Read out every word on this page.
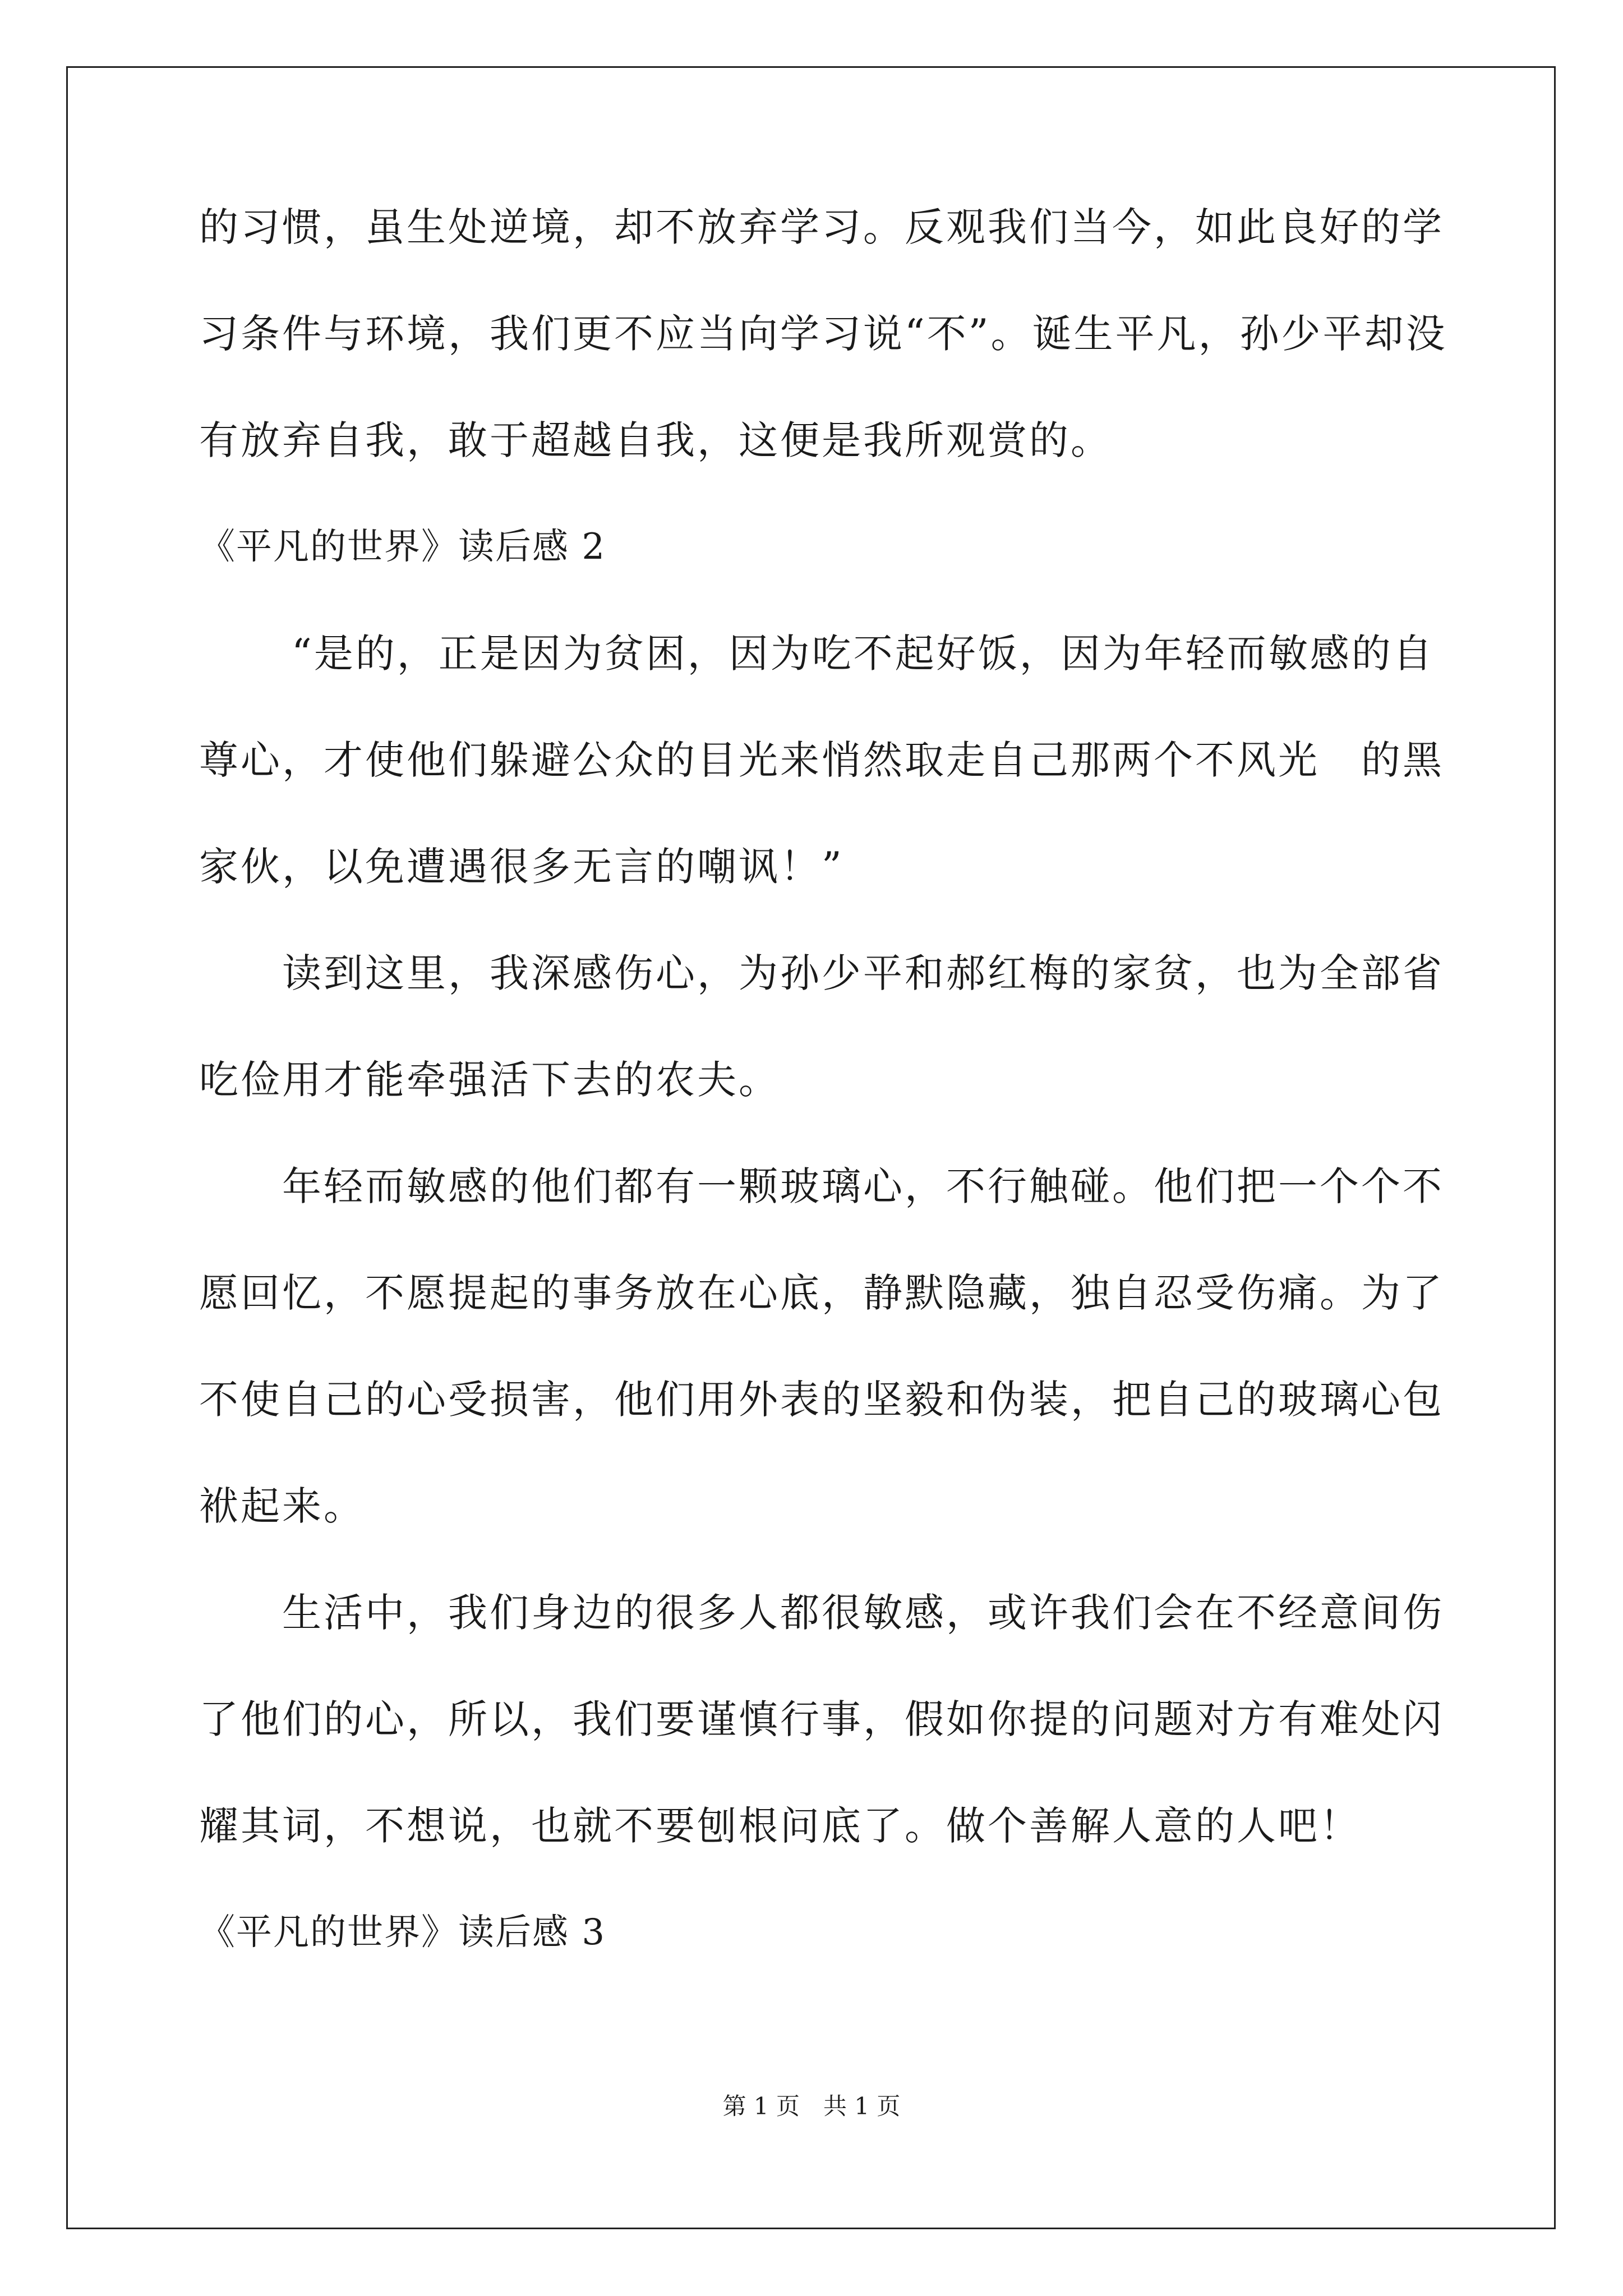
的习惯，虽生处逆境，却不放弃学习。反观我们当今，如此良好的学
习条件与环境，我们更不应当向学习说“不”。诞生平凡，孙少平却没
有放弃自我，敢于超越自我，这便是我所观赏的。
《平凡的世界》读后感 2
“是的，正是因为贫困，因为吃不起好饭，因为年轻而敏感的自
尊心，才使他们躲避公众的目光来悄然取走自己那两个不风光　的黑
家伙，以免遭遇很多无言的嘲讽！”
读到这里，我深感伤心，为孙少平和郝红梅的家贫，也为全部省
吃俭用才能牵强活下去的农夫。
年轻而敏感的他们都有一颗玻璃心，不行触碰。他们把一个个不
愿回忆，不愿提起的事务放在心底，静默隐藏，独自忍受伤痛。为了
不使自己的心受损害，他们用外表的坚毅和伪装，把自己的玻璃心包
袱起来。
生活中，我们身边的很多人都很敏感，或许我们会在不经意间伤
了他们的心，所以，我们要谨慎行事，假如你提的问题对方有难处闪
耀其词，不想说，也就不要刨根问底了。做个善解人意的人吧！
《平凡的世界》读后感 3
第 1 页　共 1 页
